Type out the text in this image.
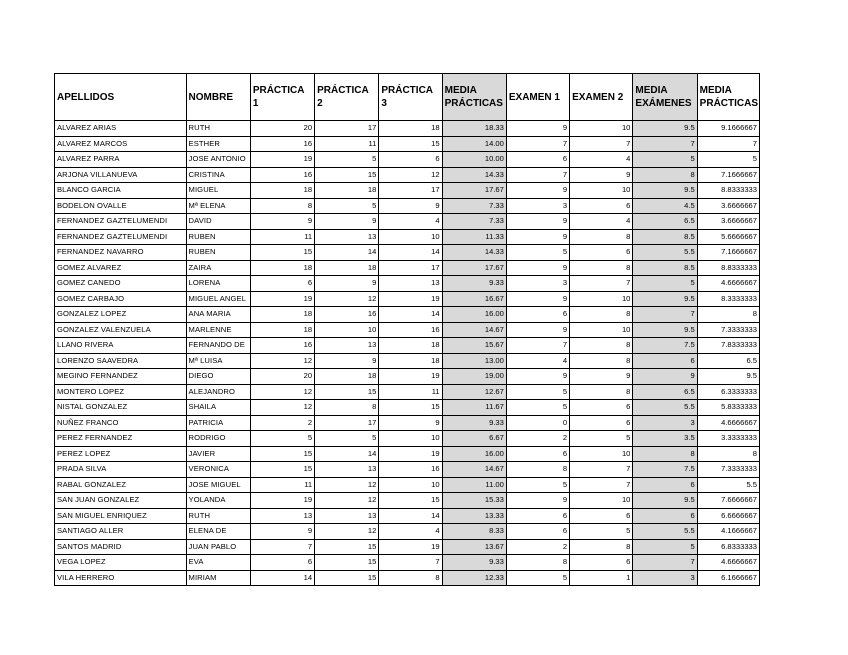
APELLIDOS	NOMBRE	PRÁCTICA 1	PRÁCTICA 2	PRÁCTICA 3	MEDIA PRÁCTICAS	EXAMEN 1	EXAMEN 2	MEDIA EXÁMENES	MEDIA PRÁCTICAS
ALVAREZ ARIAS	RUTH	20	17	18	18.33	9	10	9.5	9.1666667
ALVAREZ MARCOS	ESTHER	16	11	15	14.00	7	7	7	7
ALVAREZ PARRA	JOSE ANTONIO	19	5	6	10.00	6	4	5	5
ARJONA VILLANUEVA	CRISTINA	16	15	12	14.33	7	9	8	7.1666667
BLANCO GARCIA	MIGUEL	18	18	17	17.67	9	10	9.5	8.8333333
BODELON OVALLE	Mª ELENA	8	5	9	7.33	3	6	4.5	3.6666667
FERNANDEZ GAZTELUMENDI	DAVID	9	9	4	7.33	9	4	6.5	3.6666667
FERNANDEZ GAZTELUMENDI	RUBEN	11	13	10	11.33	9	8	8.5	5.6666667
FERNANDEZ NAVARRO	RUBEN	15	14	14	14.33	5	6	5.5	7.1666667
GOMEZ ALVAREZ	ZAIRA	18	18	17	17.67	9	8	8.5	8.8333333
GOMEZ CANEDO	LORENA	6	9	13	9.33	3	7	5	4.6666667
GOMEZ CARBAJO	MIGUEL ANGEL	19	12	19	16.67	9	10	9.5	8.3333333
GONZALEZ LOPEZ	ANA MARIA	18	16	14	16.00	6	8	7	8
GONZALEZ VALENZUELA	MARLENNE	18	10	16	14.67	9	10	9.5	7.3333333
LLANO RIVERA	FERNANDO DE	16	13	18	15.67	7	8	7.5	7.8333333
LORENZO SAAVEDRA	Mª LUISA	12	9	18	13.00	4	8	6	6.5
MEGINO FERNANDEZ	DIEGO	20	18	19	19.00	9	9	9	9.5
MONTERO LOPEZ	ALEJANDRO	12	15	11	12.67	5	8	6.5	6.3333333
NISTAL GONZALEZ	SHAILA	12	8	15	11.67	5	6	5.5	5.8333333
NUÑEZ FRANCO	PATRICIA	2	17	9	9.33	0	6	3	4.6666667
PEREZ FERNANDEZ	RODRIGO	5	5	10	6.67	2	5	3.5	3.3333333
PEREZ LOPEZ	JAVIER	15	14	19	16.00	6	10	8	8
PRADA SILVA	VERONICA	15	13	16	14.67	8	7	7.5	7.3333333
RABAL GONZALEZ	JOSE MIGUEL	11	12	10	11.00	5	7	6	5.5
SAN JUAN GONZALEZ	YOLANDA	19	12	15	15.33	9	10	9.5	7.6666667
SAN MIGUEL ENRIQUEZ	RUTH	13	13	14	13.33	6	6	6	6.6666667
SANTIAGO ALLER	ELENA DE	9	12	4	8.33	6	5	5.5	4.1666667
SANTOS MADRID	JUAN PABLO	7	15	19	13.67	2	8	5	6.8333333
VEGA LOPEZ	EVA	6	15	7	9.33	8	6	7	4.6666667
VILA HERRERO	MIRIAM	14	15	8	12.33	5	1	3	6.1666667
